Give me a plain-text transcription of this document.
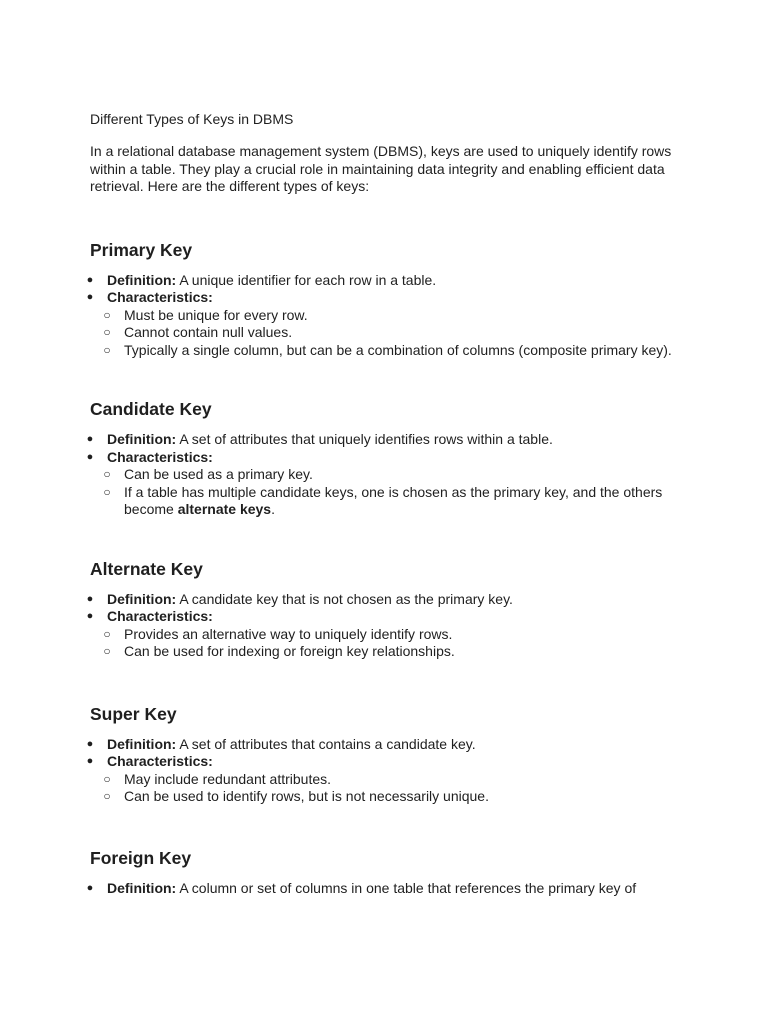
Different Types of Keys in DBMS

In a relational database management system (DBMS), keys are used to uniquely identify rows within a table. They play a crucial role in maintaining data integrity and enabling efficient data retrieval. Here are the different types of keys:

Primary Key
● Definition: A unique identifier for each row in a table.
● Characteristics:
○ Must be unique for every row.
○ Cannot contain null values.
○ Typically a single column, but can be a combination of columns (composite primary key).
Candidate Key
● Definition: A set of attributes that uniquely identifies rows within a table.
● Characteristics:
○ Can be used as a primary key.
○ If a table has multiple candidate keys, one is chosen as the primary key, and the others become alternate keys.
Alternate Key
● Definition: A candidate key that is not chosen as the primary key.
● Characteristics:
○ Provides an alternative way to uniquely identify rows.
○ Can be used for indexing or foreign key relationships.
Super Key
● Definition: A set of attributes that contains a candidate key.
● Characteristics:
○ May include redundant attributes.
○ Can be used to identify rows, but is not necessarily unique.
Foreign Key
● Definition: A column or set of columns in one table that references the primary key of
